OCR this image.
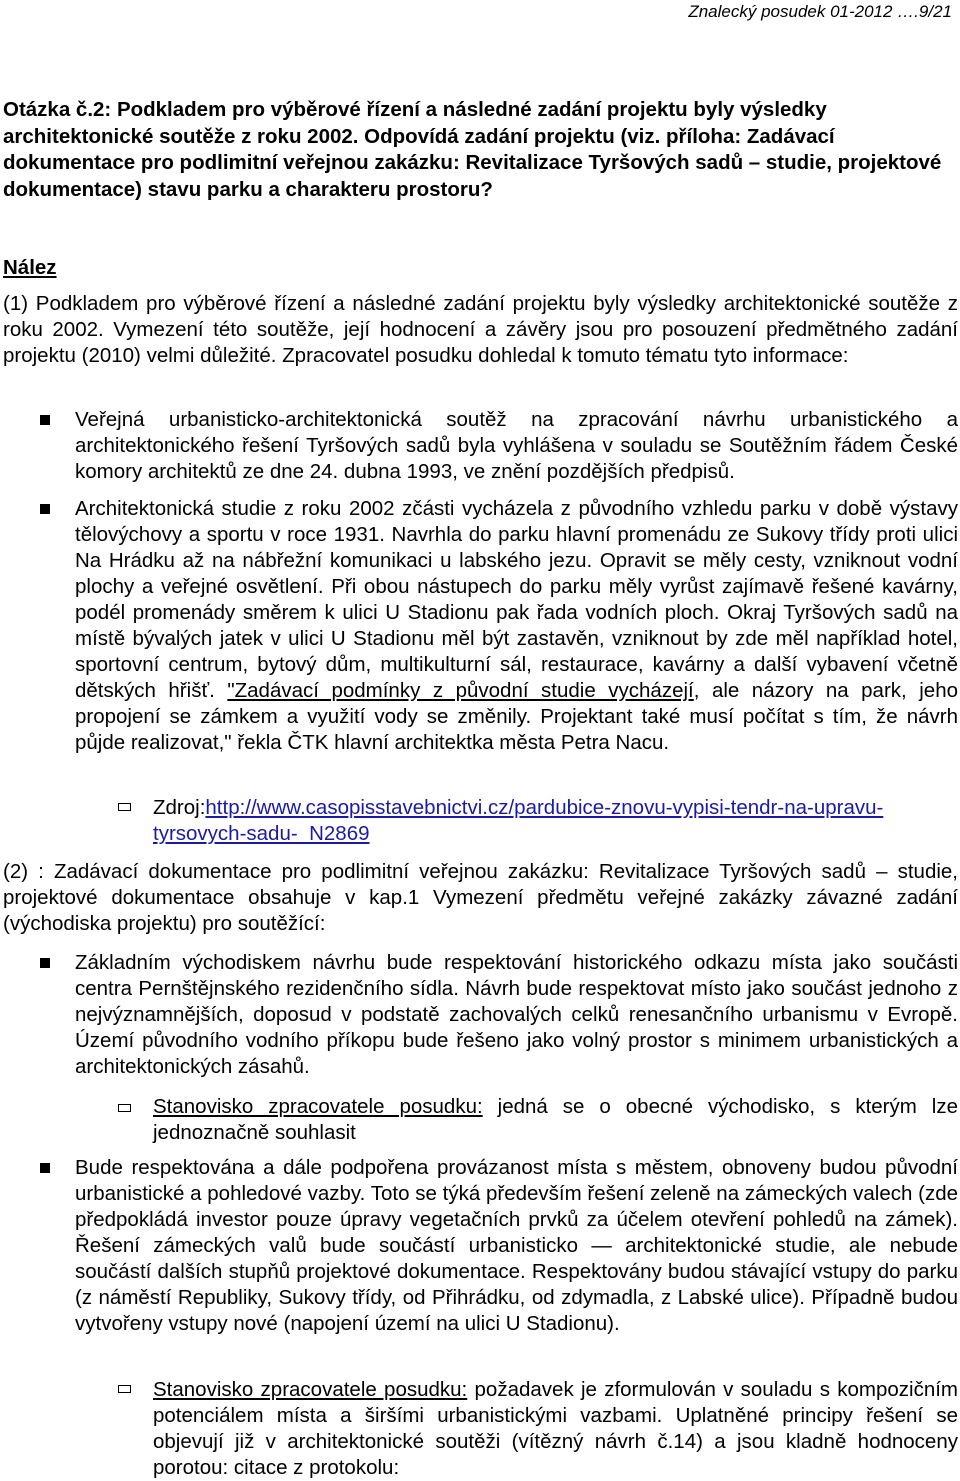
Znalecký posudek 01-2012 ….9/21
Otázka č.2: Podkladem pro výběrové řízení a následné zadání projektu byly výsledky architektonické soutěže z roku 2002. Odpovídá zadání projektu (viz. příloha: Zadávací dokumentace pro podlimitní veřejnou zakázku: Revitalizace Tyršových sadů – studie, projektové dokumentace) stavu parku a charakteru prostoru?
Nález
(1) Podkladem pro výběrové řízení a následné zadání projektu byly výsledky architektonické soutěže z roku 2002. Vymezení této soutěže, její hodnocení a závěry jsou pro posouzení předmětného zadání projektu (2010) velmi důležité. Zpracovatel posudku dohledal k tomuto tématu tyto informace:
Veřejná urbanisticko-architektonická soutěž na zpracování návrhu urbanistického a architektonického řešení Tyršových sadů byla vyhlášena v souladu se Soutěžním řádem České komory architektů ze dne 24. dubna 1993, ve znění pozdějších předpisů.
Architektonická studie z roku 2002 zčásti vycházela z původního vzhledu parku v době výstavy tělovýchovy a sportu v roce 1931. Navrhla do parku hlavní promenádu ze Sukovy třídy proti ulici Na Hrádku až na nábřežní komunikaci u labského jezu. Opravit se měly cesty, vzniknout vodní plochy a veřejné osvětlení. Při obou nástupech do parku měly vyrůst zajímavě řešené kavárny, podél promenády směrem k ulici U Stadionu pak řada vodních ploch. Okraj Tyršových sadů na místě bývalých jatek v ulici U Stadionu měl být zastavěn, vzniknout by zde měl například hotel, sportovní centrum, bytový dům, multikulturní sál, restaurace, kavárny a další vybavení včetně dětských hřišť. "Zadávací podmínky z původní studie vycházejí, ale názory na park, jeho propojení se zámkem a využití vody se změnily. Projektant také musí počítat s tím, že návrh půjde realizovat," řekla ČTK hlavní architektka města Petra Nacu.
Zdroj:http://www.casopisstavebnictvi.cz/pardubice-znovu-vypisi-tendr-na-upravu-tyrsovych-sadu-_N2869
(2) : Zadávací dokumentace pro podlimitní veřejnou zakázku: Revitalizace Tyršových sadů – studie, projektové dokumentace obsahuje v kap.1 Vymezení předmětu veřejné zakázky závazné zadání (východiska projektu) pro soutěžící:
Základním východiskem návrhu bude respektování historického odkazu místa jako součásti centra Pernštějnského rezidenčního sídla. Návrh bude respektovat místo jako součást jednoho z nejvýznamnějších, doposud v podstatě zachovalých celků renesančního urbanismu v Evropě. Území původního vodního příkopu bude řešeno jako volný prostor s minimem urbanistických a architektonických zásahů.
Stanovisko zpracovatele posudku: jedná se o obecné východisko, s kterým lze jednoznačně souhlasit
Bude respektována a dále podpořena provázanost místa s městem, obnoveny budou původní urbanistické a pohledové vazby. Toto se týká především řešení zeleně na zámeckých valech (zde předpokládá investor pouze úpravy vegetačních prvků za účelem otevření pohledů na zámek). Řešení zámeckých valů bude součástí urbanisticko — architektonické studie, ale nebude součástí dalších stupňů projektové dokumentace. Respektovány budou stávající vstupy do parku (z náměstí Republiky, Sukovy třídy, od Přihrádku, od zdymadla, z Labské ulice). Případně budou vytvořeny vstupy nové (napojení území na ulici U Stadionu).
Stanovisko zpracovatele posudku: požadavek je zformulován v souladu s kompozičním potenciálem místa a širšími urbanistickými vazbami. Uplatněné principy řešení se objevují již v architektonické soutěži (vítězný návrh č.14) a jsou kladně hodnoceny porotou: citace z protokolu:
